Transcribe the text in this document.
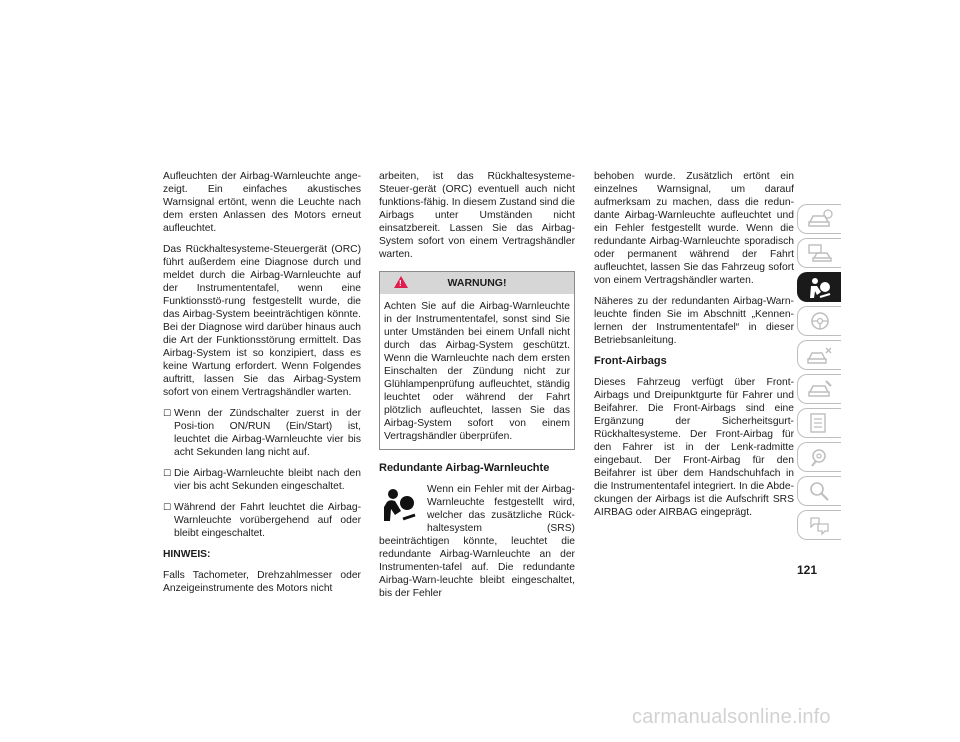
Aufleuchten der Airbag-Warnleuchte ange-zeigt. Ein einfaches akustisches Warnsignal ertönt, wenn die Leuchte nach dem ersten Anlassen des Motors erneut aufleuchtet.

Das Rückhaltesysteme-Steuergerät (ORC) führt außerdem eine Diagnose durch und meldet durch die Airbag-Warnleuchte auf der Instrumententafel, wenn eine Funktionsstö-rung festgestellt wurde, die das Airbag-System beeinträchtigen könnte. Bei der Diagnose wird darüber hinaus auch die Art der Funktionsstörung ermittelt. Das Airbag-System ist so konzipiert, dass es keine Wartung erfordert. Wenn Folgendes auftritt, lassen Sie das Airbag-System sofort von einem Vertragshändler warten.

☐ Wenn der Zündschalter zuerst in der Posi-tion ON/RUN (Ein/Start) ist, leuchtet die Airbag-Warnleuchte vier bis acht Sekunden lang nicht auf.
☐ Die Airbag-Warnleuchte bleibt nach den vier bis acht Sekunden eingeschaltet.
☐ Während der Fahrt leuchtet die Airbag-Warnleuchte vorübergehend auf oder bleibt eingeschaltet.

HINWEIS:

Falls Tachometer, Drehzahlmesser oder Anzeigeinstrumente des Motors nicht

arbeiten, ist das Rückhaltesysteme-Steuer-gerät (ORC) eventuell auch nicht funktions-fähig. In diesem Zustand sind die Airbags unter Umständen nicht einsatzbereit. Lassen Sie das Airbag-System sofort von einem Vertragshändler warten.

!
WARNUNG!
Achten Sie auf die Airbag-Warnleuchte in der Instrumententafel, sonst sind Sie unter Umständen bei einem Unfall nicht durch das Airbag-System geschützt. Wenn die Warnleuchte nach dem ersten Einschalten der Zündung nicht zur Glühlampenprüfung aufleuchtet, ständig leuchtet oder während der Fahrt plötzlich aufleuchtet, lassen Sie das Airbag-System sofort von einem Vertragshändler überprüfen.
Redundante Airbag-Warnleuchte

Wenn ein Fehler mit der Airbag-Warnleuchte festgestellt wird, welcher das zusätzliche Rück-haltesystem (SRS) beeinträchtigen könnte, leuchtet die redundante Airbag-Warnleuchte an der Instrumenten-tafel auf. Die redundante Airbag-Warn-leuchte bleibt eingeschaltet, bis der Fehler

behoben wurde. Zusätzlich ertönt ein einzelnes Warnsignal, um darauf aufmerksam zu machen, dass die redun-dante Airbag-Warnleuchte aufleuchtet und ein Fehler festgestellt wurde. Wenn die redundante Airbag-Warnleuchte sporadisch oder permanent während der Fahrt aufleuchtet, lassen Sie das Fahrzeug sofort von einem Vertragshändler warten.

Näheres zu der redundanten Airbag-Warn-leuchte finden Sie im Abschnitt „Kennen-lernen der Instrumententafel“ in dieser Betriebsanleitung.

Front-Airbags

Dieses Fahrzeug verfügt über Front-Airbags und Dreipunktgurte für Fahrer und Beifahrer. Die Front-Airbags sind eine Ergänzung der Sicherheitsgurt-Rückhaltesysteme. Der Front-Airbag für den Fahrer ist in der Lenk-radmitte eingebaut. Der Front-Airbag für den Beifahrer ist über dem Handschuhfach in die Instrumententafel integriert. In die Abde-ckungen der Airbags ist die Aufschrift SRS AIRBAG oder AIRBAG eingeprägt.

121
carmanualsonline.info
